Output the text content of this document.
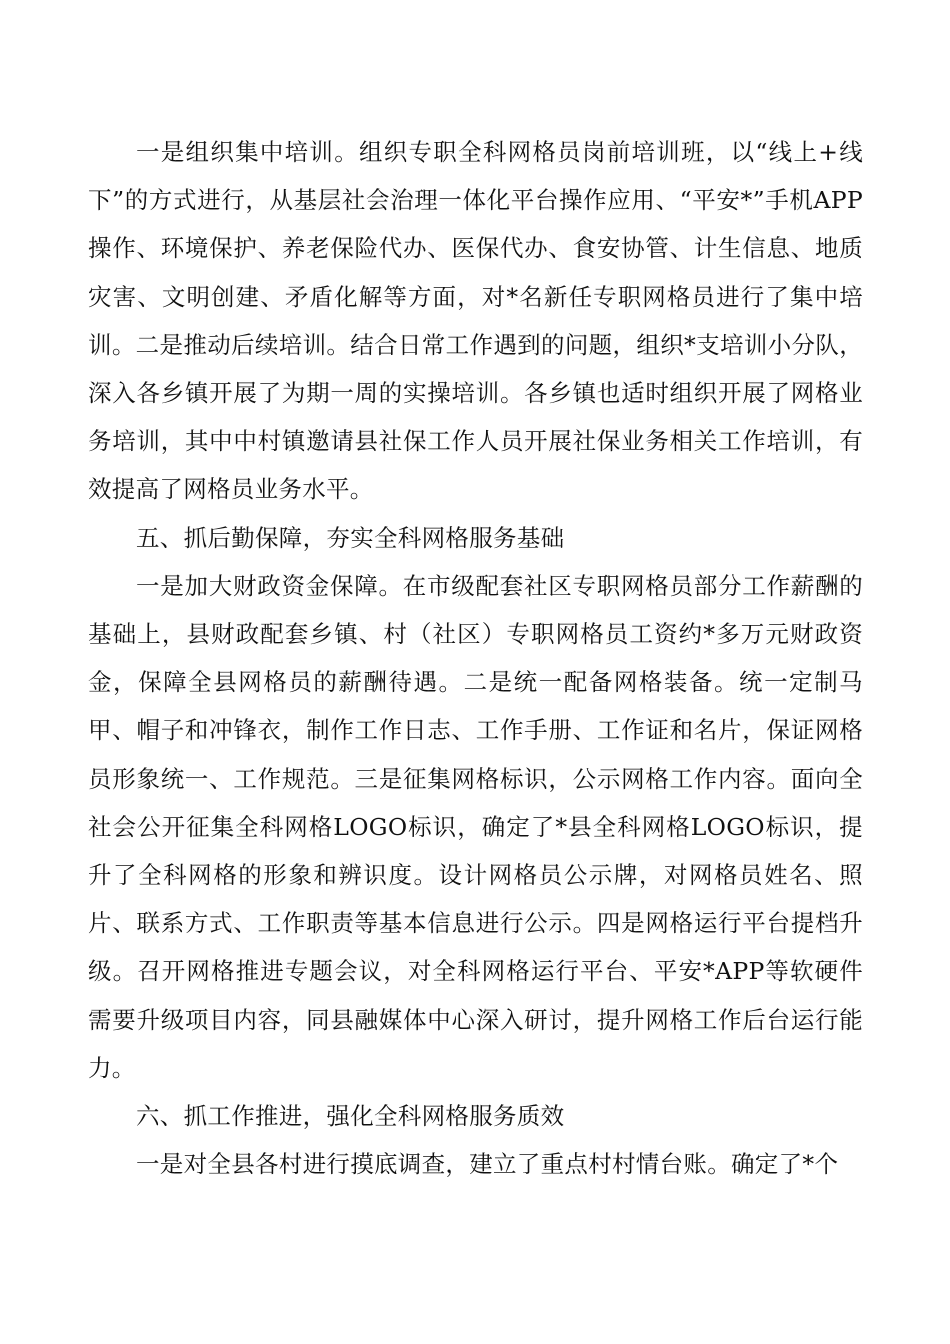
一是组织集中培训。组织专职全科网格员岗前培训班，以“线上+线下”的方式进行，从基层社会治理一体化平台操作应用、“平安*”手机APP操作、环境保护、养老保险代办、医保代办、食安协管、计生信息、地质灾害、文明创建、矛盾化解等方面，对*名新任专职网格员进行了集中培训。二是推动后续培训。结合日常工作遇到的问题，组织*支培训小分队，深入各乡镇开展了为期一周的实操培训。各乡镇也适时组织开展了网格业务培训，其中中村镇邀请县社保工作人员开展社保业务相关工作培训，有效提高了网格员业务水平。

五、抓后勤保障，夯实全科网格服务基础

一是加大财政资金保障。在市级配套社区专职网格员部分工作薪酬的基础上，县财政配套乡镇、村（社区）专职网格员工资约*多万元财政资金，保障全县网格员的薪酬待遇。二是统一配备网格装备。统一定制马甲、帽子和冲锋衣，制作工作日志、工作手册、工作证和名片，保证网格员形象统一、工作规范。三是征集网格标识，公示网格工作内容。面向全社会公开征集全科网格LOGO标识，确定了*县全科网格LOGO标识，提升了全科网格的形象和辨识度。设计网格员公示牌，对网格员姓名、照片、联系方式、工作职责等基本信息进行公示。四是网格运行平台提档升级。召开网格推进专题会议，对全科网格运行平台、平安*APP等软硬件需要升级项目内容，同县融媒体中心深入研讨，提升网格工作后台运行能力。

六、抓工作推进，强化全科网格服务质效

一是对全县各村进行摸底调查，建立了重点村村情台账。确定了*个
